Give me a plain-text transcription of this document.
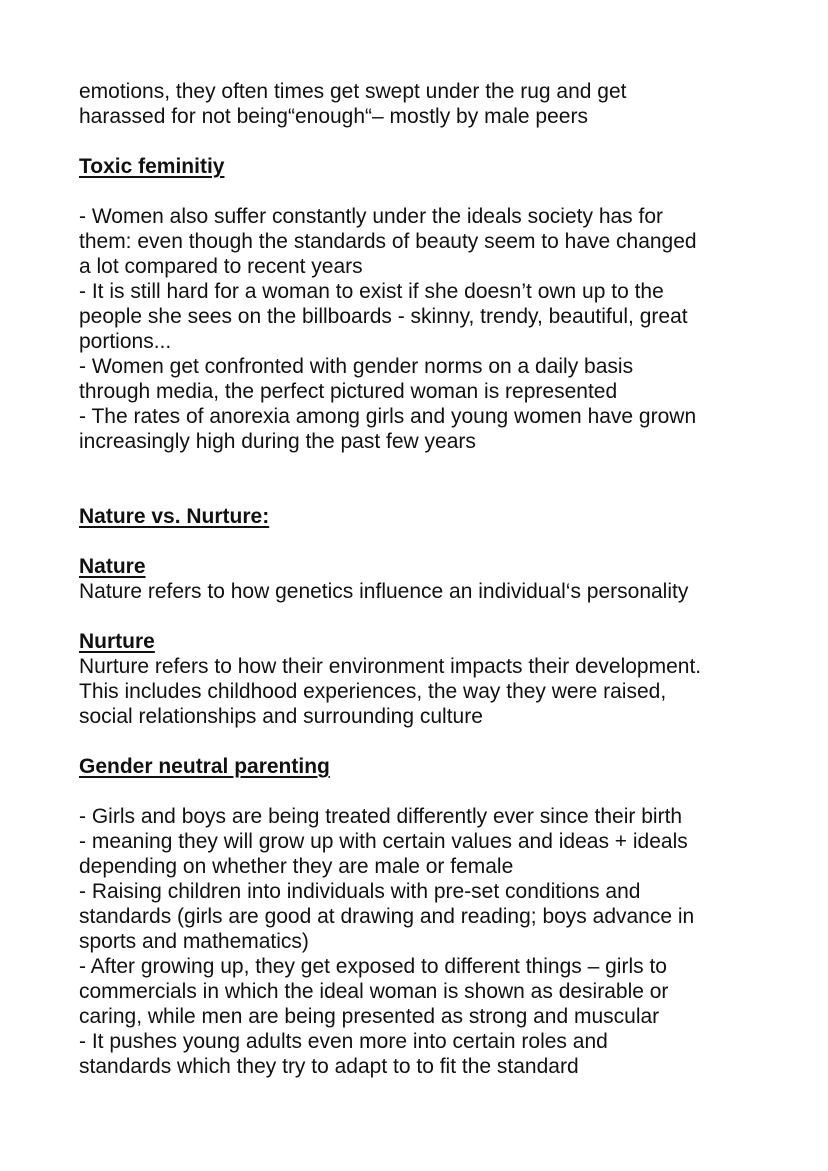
emotions, they often times get swept under the rug and get
harassed for not being“enough“– mostly by male peers
Toxic feminitiy
- Women also suffer constantly under the ideals society has for
them: even though the standards of beauty seem to have changed
a lot compared to recent years
- It is still hard for a woman to exist if she doesn’t own up to the
people she sees on the billboards - skinny, trendy, beautiful, great
portions...
- Women get confronted with gender norms on a daily basis
through media, the perfect pictured woman is represented
- The rates of anorexia among girls and young women have grown
increasingly high during the past few years
Nature vs. Nurture:
Nature
Nature refers to how genetics influence an individual‘s personality
Nurture
Nurture refers to how their environment impacts their development.
This includes childhood experiences, the way they were raised,
social relationships and surrounding culture
Gender neutral parenting
- Girls and boys are being treated differently ever since their birth
- meaning they will grow up with certain values and ideas + ideals
depending on whether they are male or female
- Raising children into individuals with pre-set conditions and
standards (girls are good at drawing and reading; boys advance in
sports and mathematics)
- After growing up, they get exposed to different things – girls to
commercials in which the ideal woman is shown as desirable or
caring, while men are being presented as strong and muscular
- It pushes young adults even more into certain roles and
standards which they try to adapt to to fit the standard
